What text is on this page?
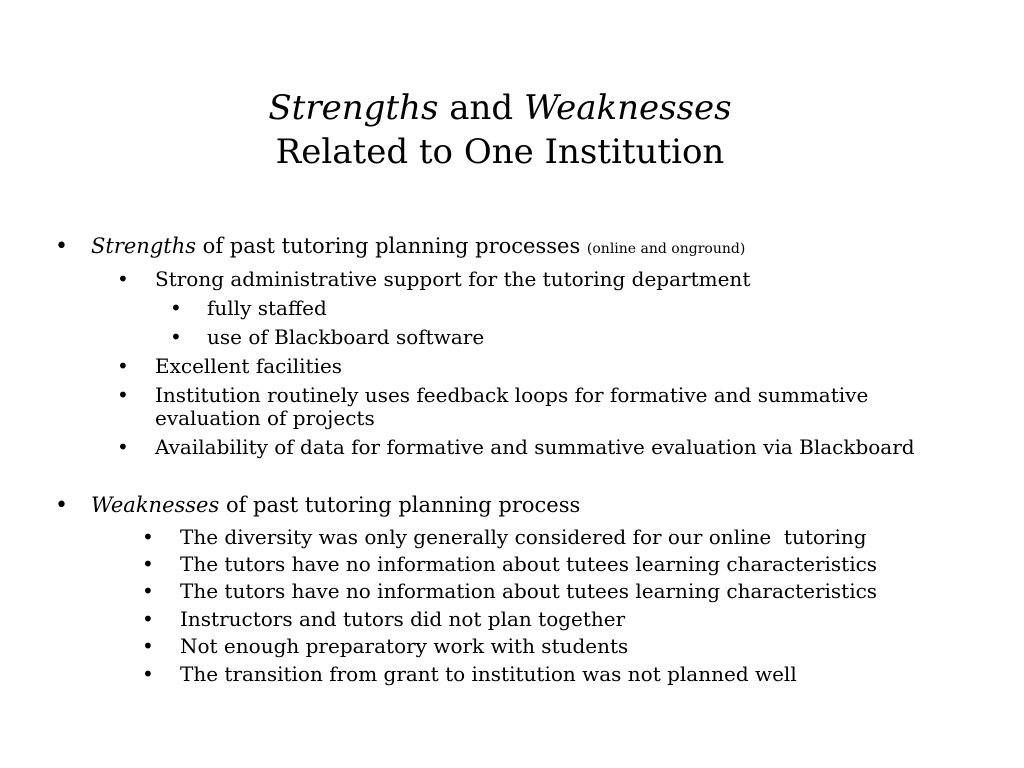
Strengths and Weaknesses
Related to One Institution
•	Strengths of past tutoring planning processes (online and onground)
•	Strong administrative support for the tutoring department
•	fully staffed
•	use of Blackboard software
•	Excellent facilities
•	Institution routinely uses feedback loops for formative and summative evaluation of projects
•	Availability of data for formative and summative evaluation via Blackboard
•	Weaknesses of past tutoring planning process
•	The diversity was only generally considered for our online  tutoring
•	The tutors have no information about tutees learning characteristics
•	The tutors have no information about tutees learning characteristics
•	Instructors and tutors did not plan together
•	Not enough preparatory work with students
•	The transition from grant to institution was not planned well
